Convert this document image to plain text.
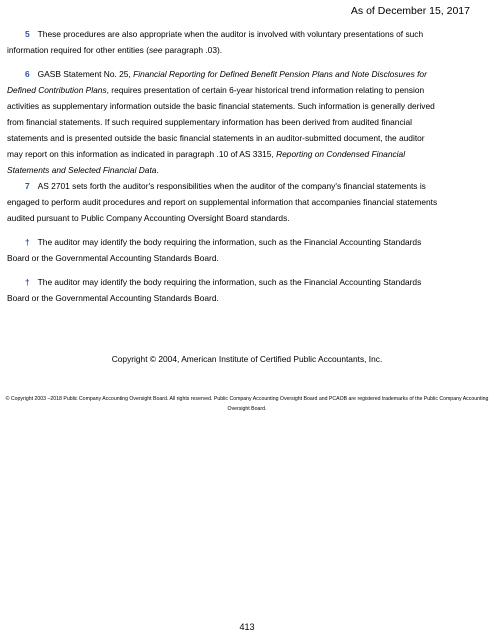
As of December 15, 2017
5 These procedures are also appropriate when the auditor is involved with voluntary presentations of such information required for other entities (see paragraph .03).
6 GASB Statement No. 25, Financial Reporting for Defined Benefit Pension Plans and Note Disclosures for Defined Contribution Plans, requires presentation of certain 6-year historical trend information relating to pension activities as supplementary information outside the basic financial statements. Such information is generally derived from financial statements. If such required supplementary information has been derived from audited financial statements and is presented outside the basic financial statements in an auditor-submitted document, the auditor may report on this information as indicated in paragraph .10 of AS 3315, Reporting on Condensed Financial Statements and Selected Financial Data.
7 AS 2701 sets forth the auditor's responsibilities when the auditor of the company's financial statements is engaged to perform audit procedures and report on supplemental information that accompanies financial statements audited pursuant to Public Company Accounting Oversight Board standards.
† The auditor may identify the body requiring the information, such as the Financial Accounting Standards Board or the Governmental Accounting Standards Board.
† The auditor may identify the body requiring the information, such as the Financial Accounting Standards Board or the Governmental Accounting Standards Board.
Copyright © 2004, American Institute of Certified Public Accountants, Inc.
© Copyright 2003 –2018 Public Company Accounting Oversight Board. All rights reserved. Public Company Accounting Oversight Board and PCAOB are registered trademarks of the Public Company Accounting Oversight Board.
413
